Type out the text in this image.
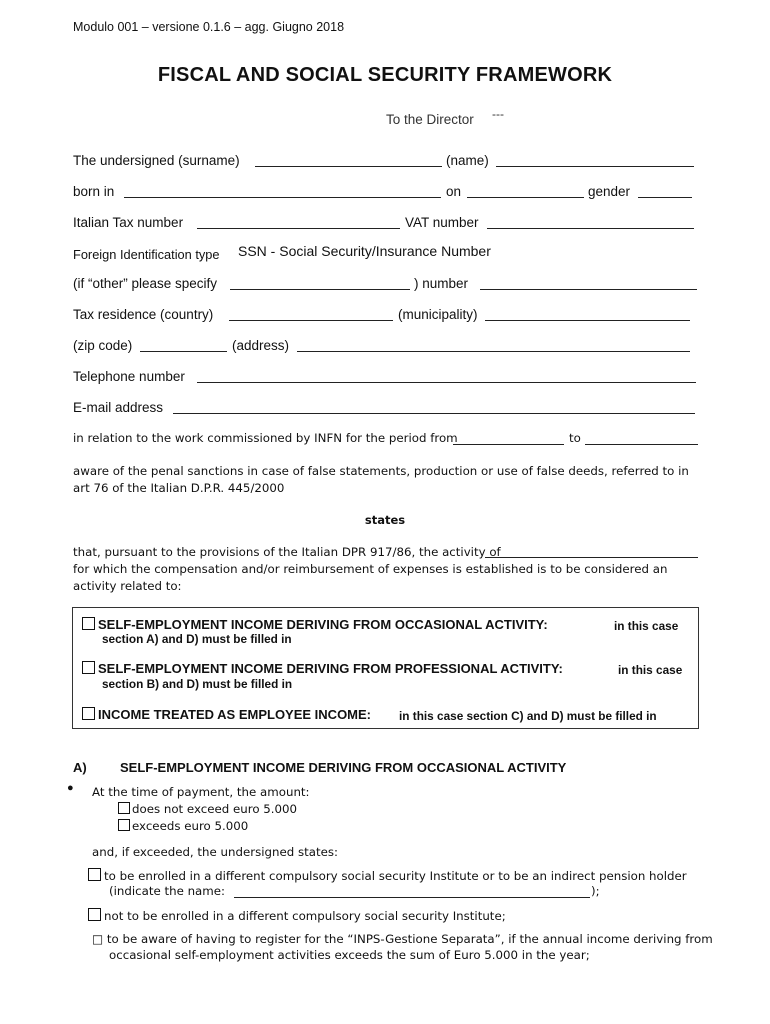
Modulo 001 – versione 0.1.6 – agg. Giugno 2018
FISCAL AND SOCIAL SECURITY FRAMEWORK
To the Director ---
The undersigned (surname)	(name)
born in	on	gender
Italian Tax number	VAT number
Foreign Identification type SSN - Social Security/Insurance Number
(if “other” please specify	) number
Tax residence (country)	(municipality)
(zip code)	(address)
Telephone number
E-mail address
in relation to the work commissioned by INFN for the period from	to
aware of the penal sanctions in case of false statements, production or use of false deeds, referred to in art 76 of the Italian D.P.R. 445/2000
states
that, pursuant to the provisions of the Italian DPR 917/86, the activity of
for which the compensation and/or reimbursement of expenses is established is to be considered an activity related to:
SELF-EMPLOYMENT INCOME DERIVING FROM OCCASIONAL ACTIVITY:	in this case
section A) and D) must be filled in
SELF-EMPLOYMENT INCOME DERIVING FROM PROFESSIONAL ACTIVITY:	in this case
section B) and D) must be filled in
INCOME TREATED AS EMPLOYEE INCOME: in this case section C) and D) must be filled in
A)	SELF-EMPLOYMENT INCOME DERIVING FROM OCCASIONAL ACTIVITY
● At the time of payment, the amount:
does not exceed euro 5.000
exceeds euro 5.000
and, if exceeded, the undersigned states:
to be enrolled in a different compulsory social security Institute or to be an indirect pension holder
(indicate the name:	);
not to be enrolled in a different compulsory social security Institute;
□ to be aware of having to register for the “INPS-Gestione Separata”, if the annual income deriving from
occasional self-employment activities exceeds the sum of Euro 5.000 in the year;
